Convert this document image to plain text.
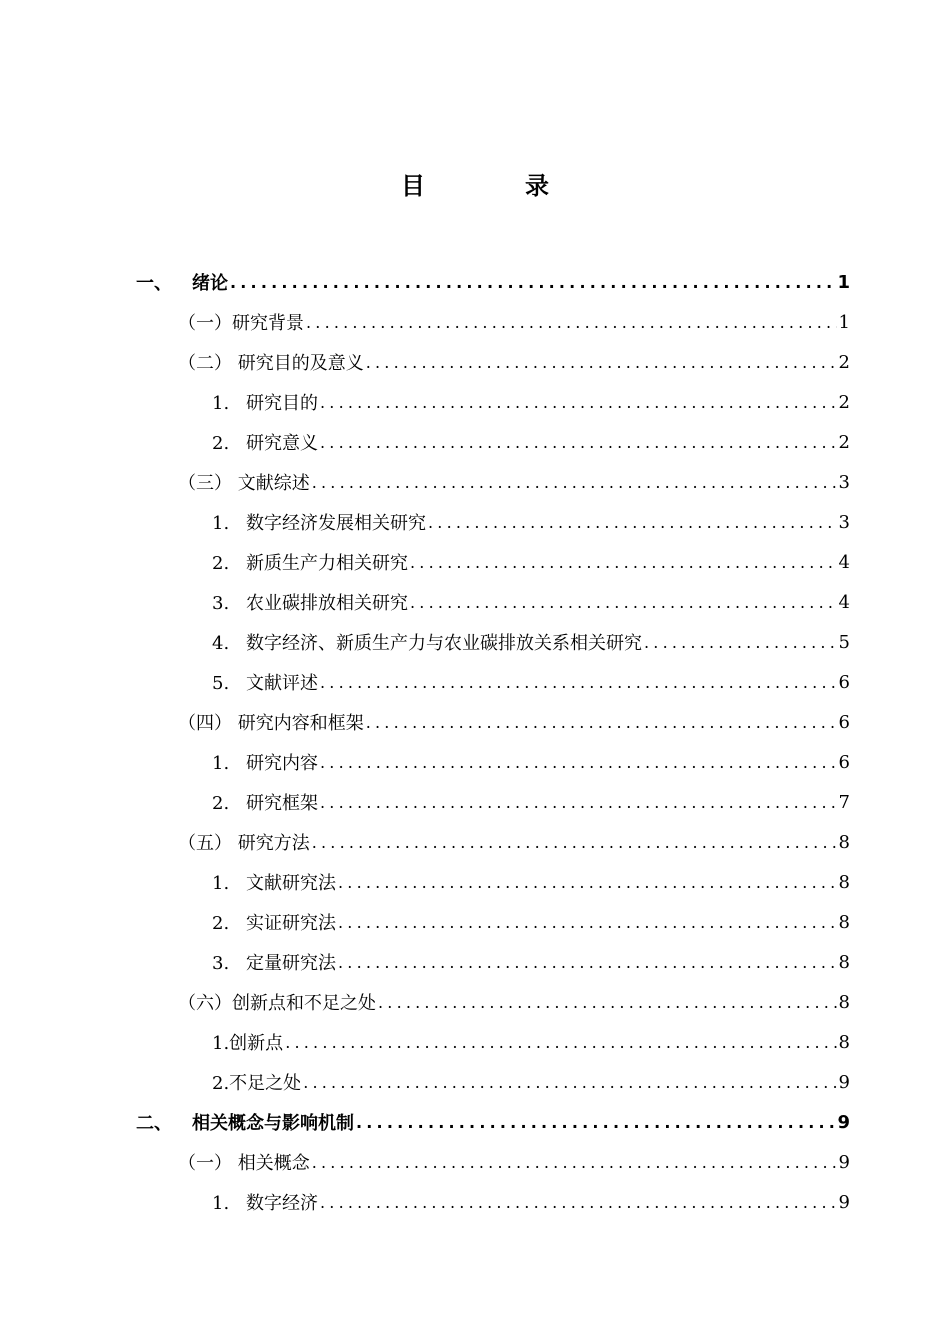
目	录
一、 绪论 .....	1
（一）研究背景 .....	1
（二） 研究目的及意义 .....	2
1. 研究目的 .....	2
2. 研究意义 .....	2
（三） 文献综述 .....	3
1. 数字经济发展相关研究 .....	3
2. 新质生产力相关研究 .....	4
3. 农业碳排放相关研究 .....	4
4. 数字经济、新质生产力与农业碳排放关系相关研究 .....	5
5. 文献评述 .....	6
（四） 研究内容和框架 .....	6
1. 研究内容 .....	6
2. 研究框架 .....	7
（五） 研究方法 .....	8
1. 文献研究法 .....	8
2. 实证研究法 .....	8
3. 定量研究法 .....	8
（六）创新点和不足之处 .....	8
1.创新点 .....	8
2.不足之处 .....	9
二、 相关概念与影响机制 .....	9
（一） 相关概念 .....	9
1. 数字经济 .....	9
